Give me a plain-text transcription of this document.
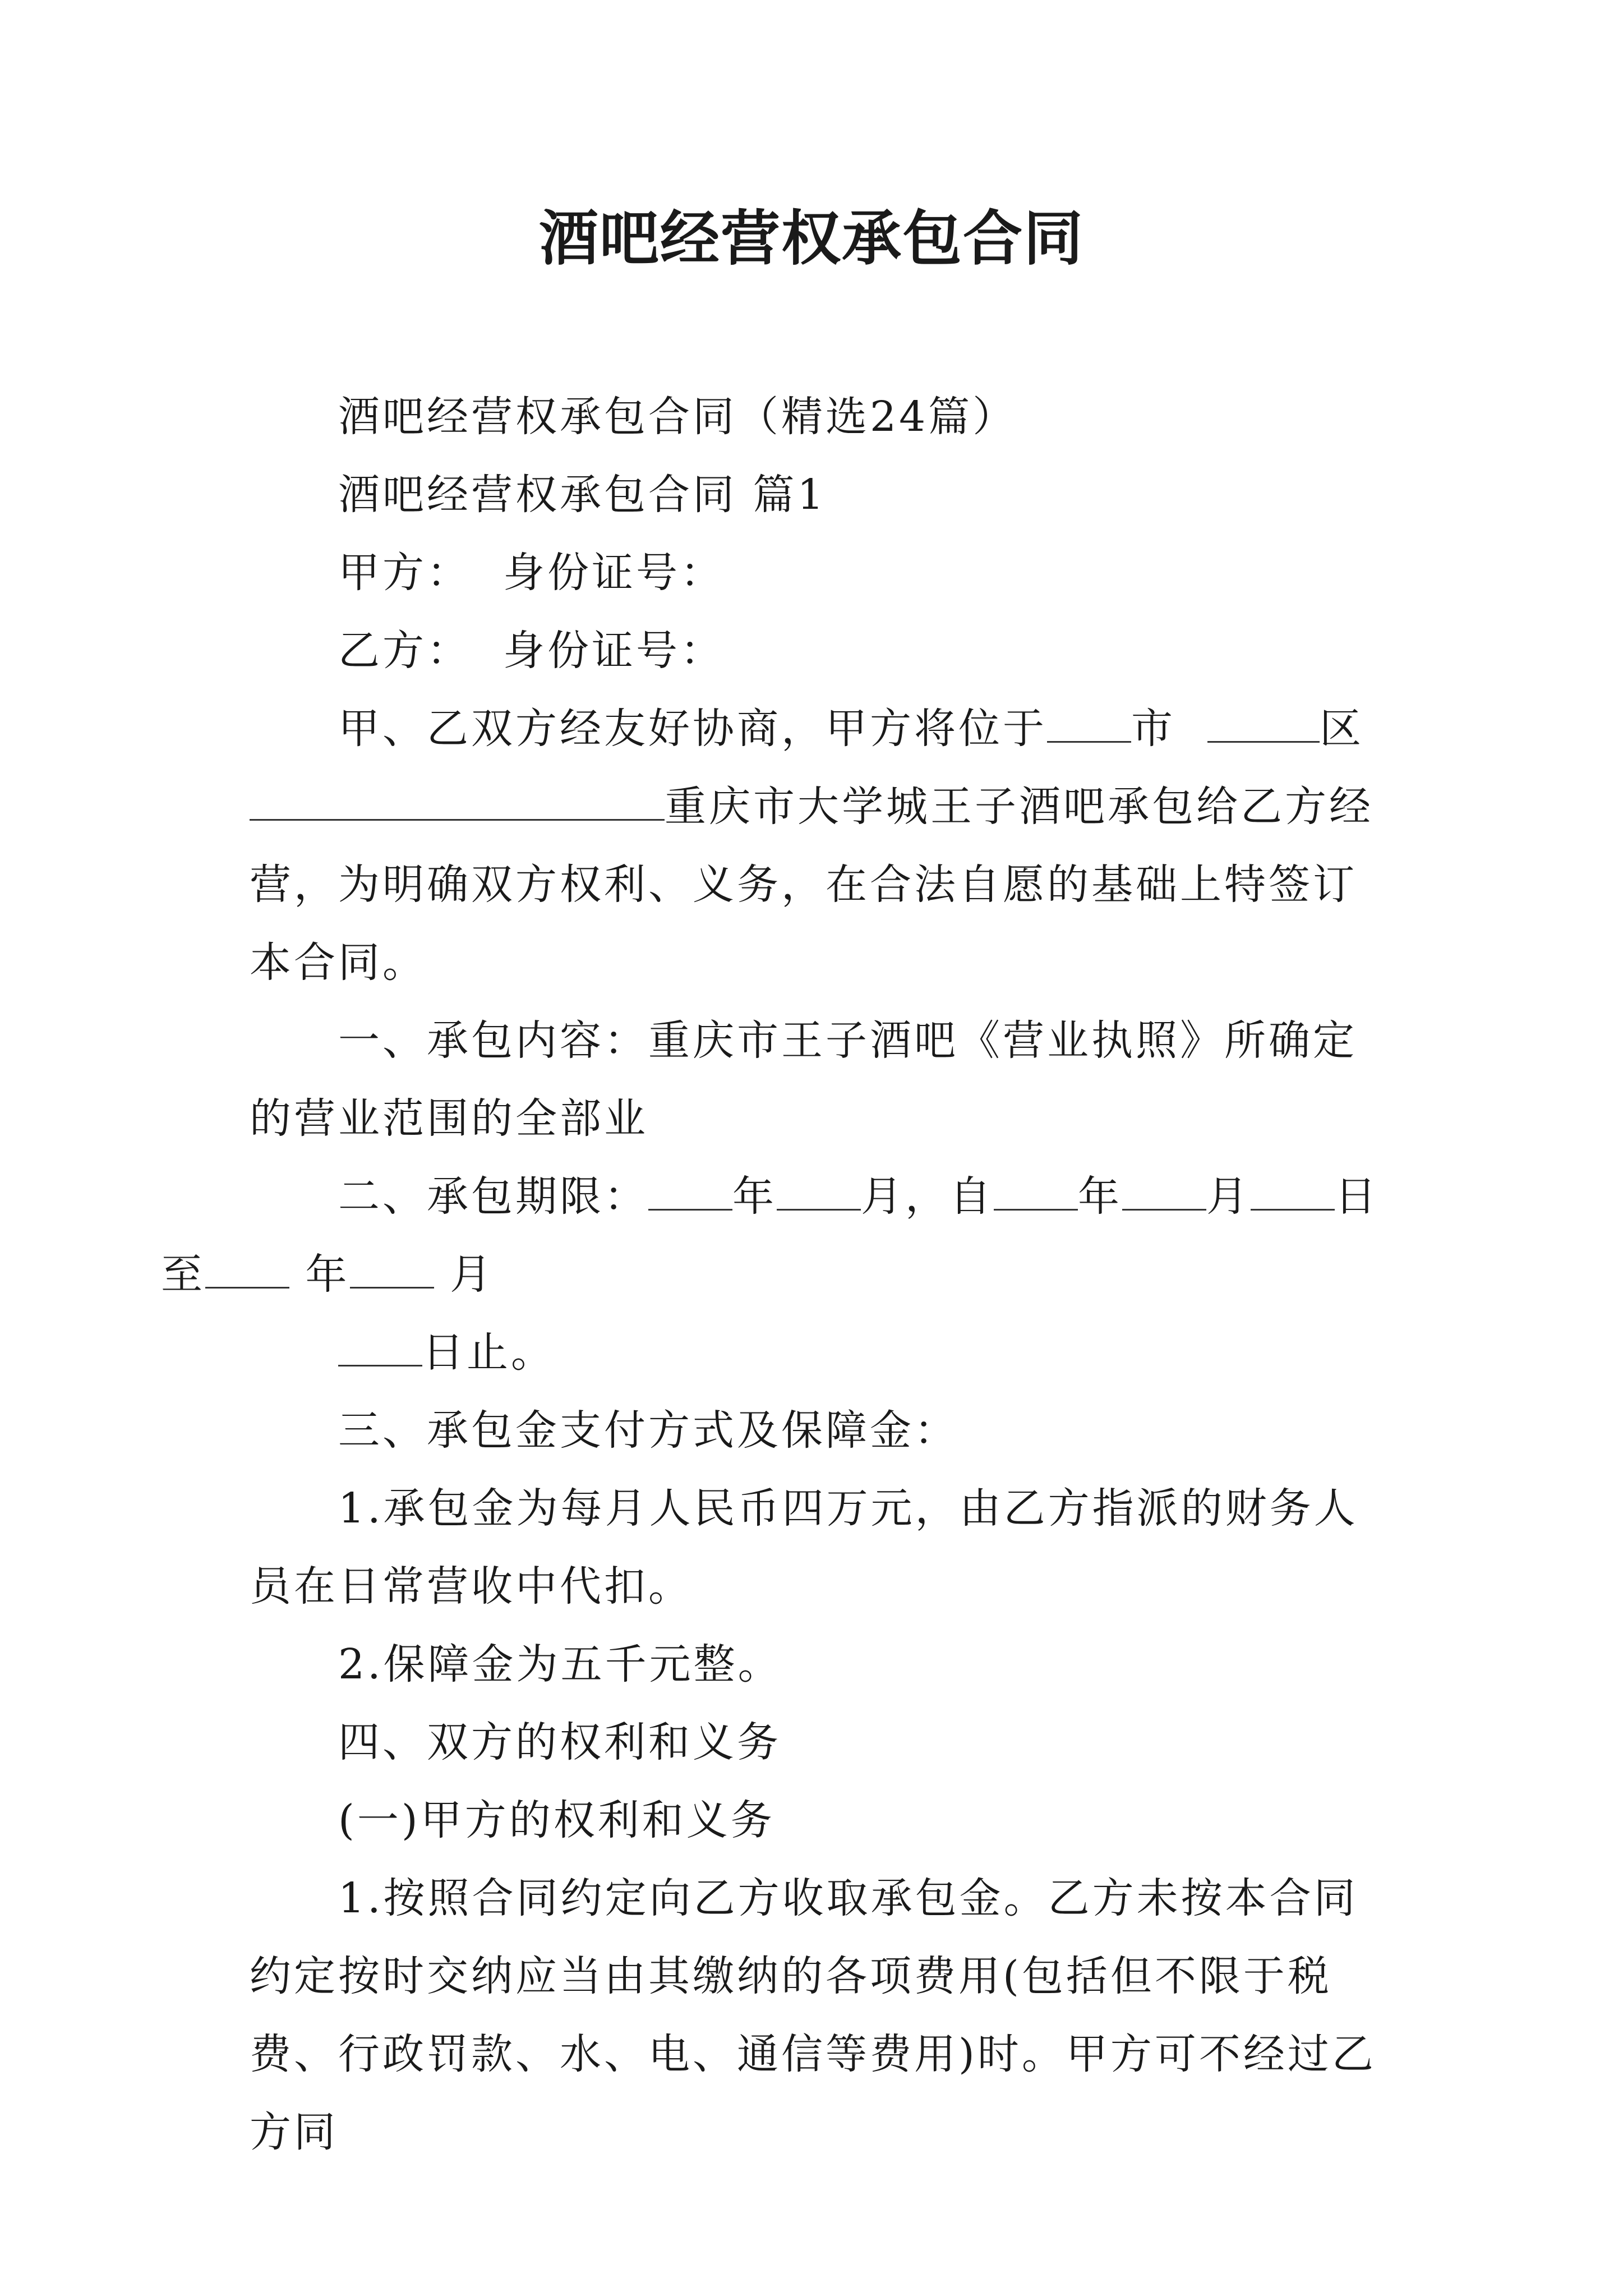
酒吧经营权承包合同

酒吧经营权承包合同（精选24篇）

酒吧经营权承包合同 篇1

甲方：  身份证号：

乙方：  身份证号：

甲、乙双方经友好协商，甲方将位于 市	区
重庆市大学城王子酒吧承包给乙方经营，为明确双方权利、义务，在合法自愿的基础上特签订本合同。

一、承包内容：重庆市王子酒吧《营业执照》所确定的营业范围的全部业

二、承包期限： 年 月，自 年 月 日
至 年 月

日止。

三、承包金支付方式及保障金：

1.承包金为每月人民币四万元，由乙方指派的财务人员在日常营收中代扣。

2.保障金为五千元整。

四、双方的权利和义务

(一)甲方的权利和义务

1.按照合同约定向乙方收取承包金。乙方未按本合同约定按时交纳应当由其缴纳的各项费用(包括但不限于税费、行政罚款、水、电、通信等费用)时。甲方可不经过乙方同
